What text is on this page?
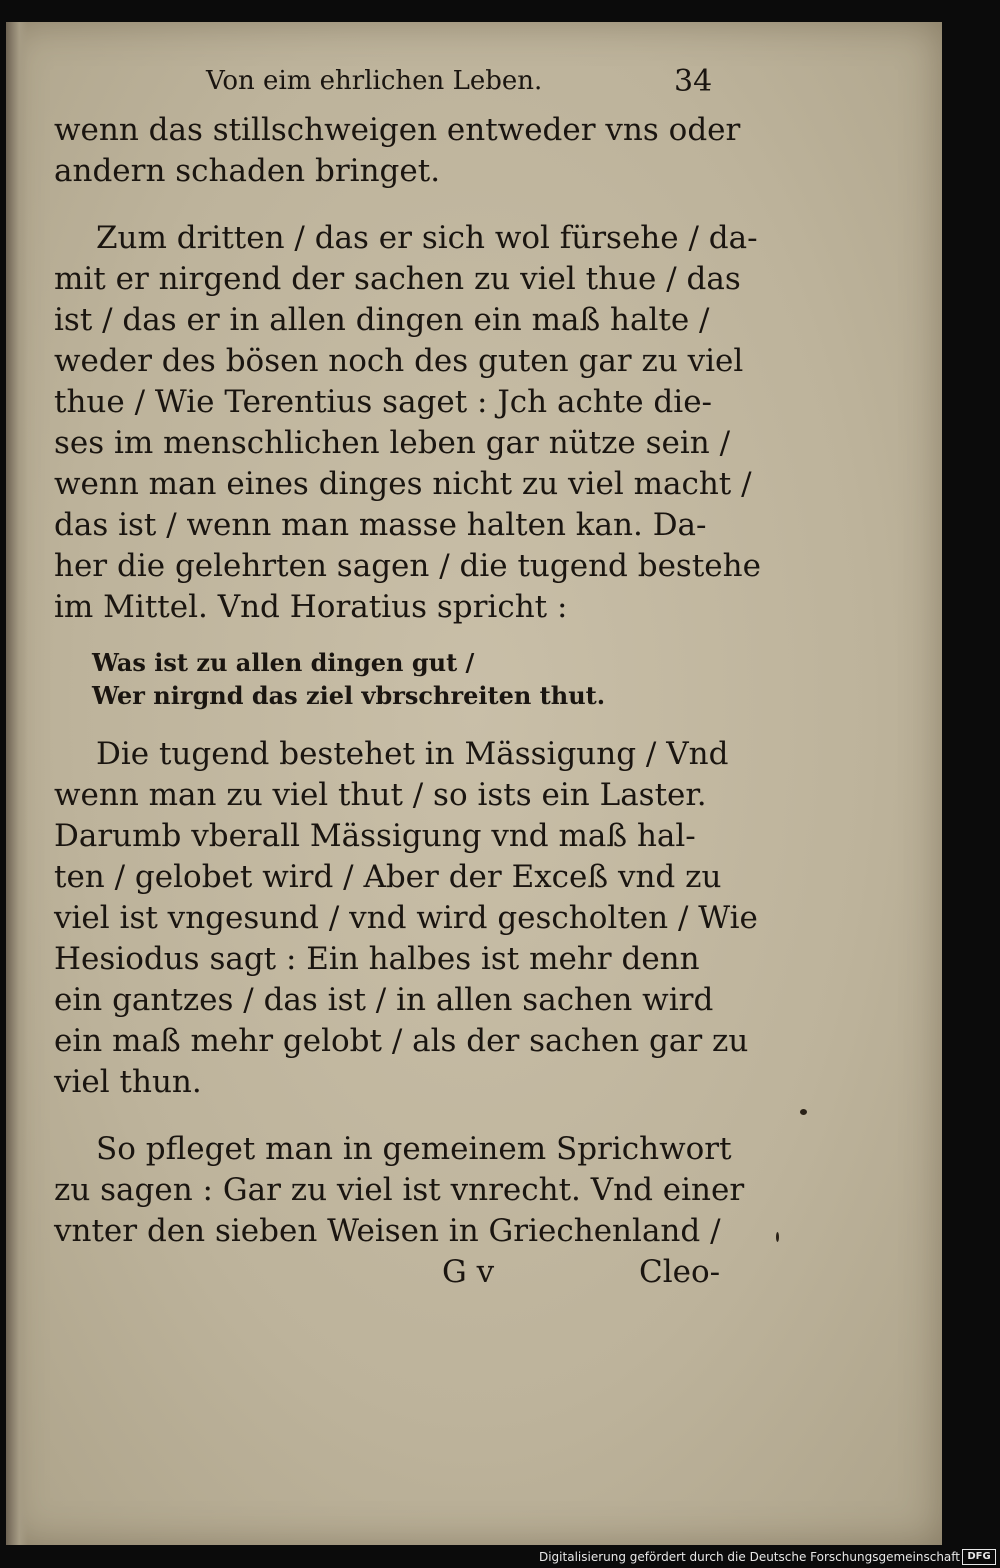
Von eim ehrlichen Leben.	34
wenn das stillschweigen entweder vns oder
andern schaden bringet.
Zum dritten / das er sich wol fürsehe / da-
mit er nirgend der sachen zu viel thue / das
ist / das er in allen dingen ein maß halte /
weder des bösen noch des guten gar zu viel
thue / Wie Terentius saget : Jch achte die-
ses im menschlichen leben gar nütze sein /
wenn man eines dinges nicht zu viel macht /
das ist / wenn man masse halten kan. Da-
her die gelehrten sagen / die tugend bestehe
im Mittel. Vnd Horatius spricht :
Was ist zu allen dingen gut /
Wer nirgnd das ziel vbrschreiten thut.
Die tugend bestehet in Mässigung / Vnd
wenn man zu viel thut / so ists ein Laster.
Darumb vberall Mässigung vnd maß hal-
ten / gelobet wird / Aber der Exceß vnd zu
viel ist vngesund / vnd wird gescholten / Wie
Hesiodus sagt : Ein halbes ist mehr denn
ein gantzes / das ist / in allen sachen wird
ein maß mehr gelobt / als der sachen gar zu
viel thun.
So pfleget man in gemeinem Sprichwort
zu sagen : Gar zu viel ist vnrecht. Vnd einer
vnter den sieben Weisen in Griechenland /
G v	Cleo-
Digitalisierung gefördert durch die Deutsche Forschungsgemeinschaft DFG
